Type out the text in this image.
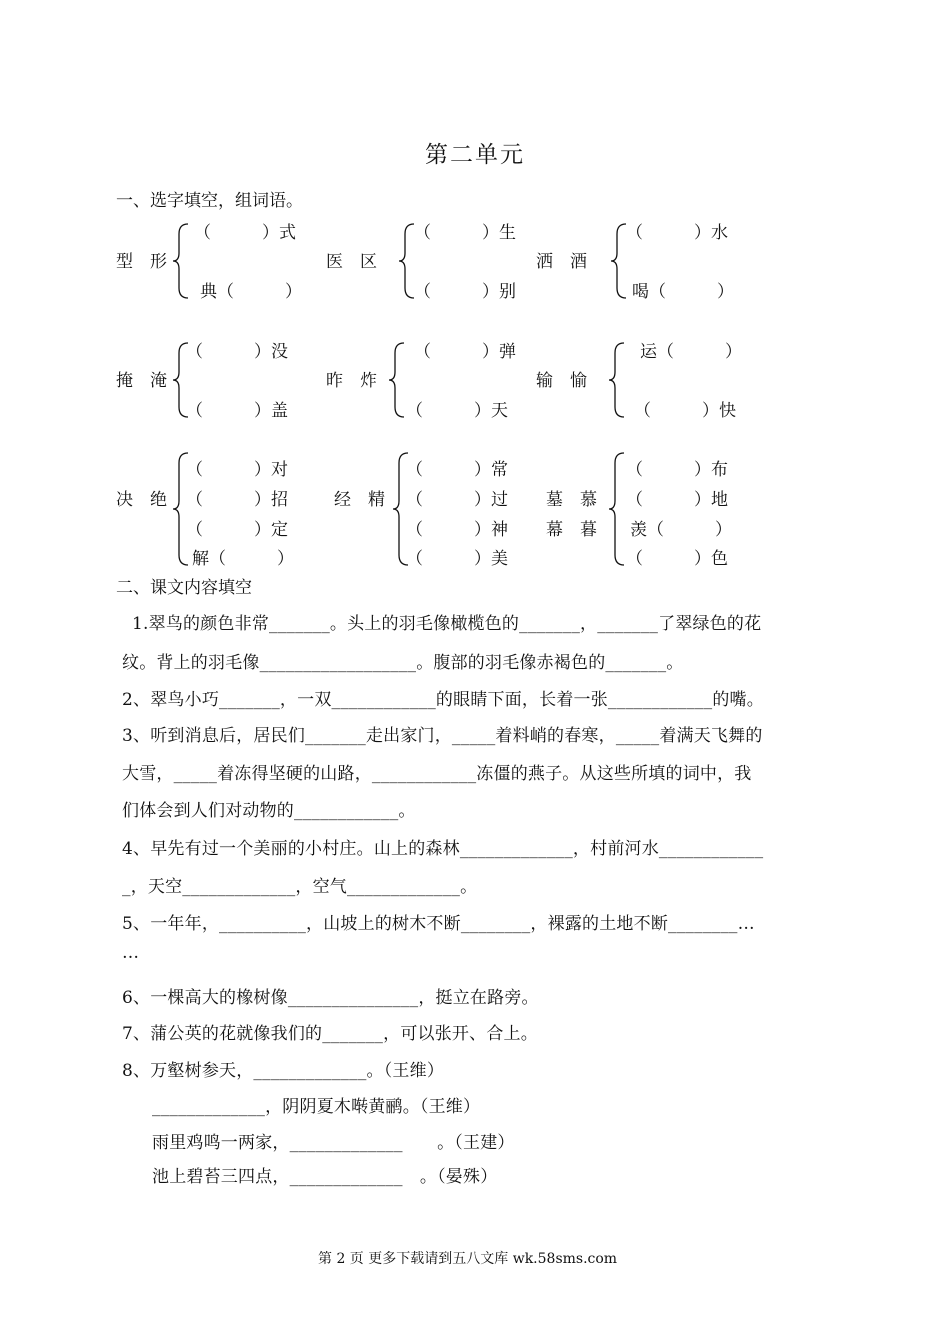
第二单元
一、选字填空，组词语。
型　形
（　　　）式
典（　　　）
医　区
（　　　）生
（　　　）别
洒　酒
（　　　）水
喝（　　　）
掩　淹
（　　　）没
（　　　）盖
昨　炸
（　　　）弹
（　　　）天
输　愉
运（　　　）
（　　　）快
决　绝
（　　　）对
（　　　）招
（　　　）定
解（　　　）
经　精
（　　　）常
（　　　）过
（　　　）神
（　　　）美
墓　慕
幕　暮
（　　　）布
（　　　）地
羡（　　　）
（　　　）色
二、课文内容填空
1.翠鸟的颜色非常_______。头上的羽毛像橄榄色的_______，_______了翠绿色的花
纹。背上的羽毛像__________________。腹部的羽毛像赤褐色的_______。
2、翠鸟小巧_______，一双____________的眼睛下面，长着一张____________的嘴。
3、听到消息后，居民们_______走出家门，_____着料峭的春寒，_____着满天飞舞的
大雪，_____着冻得坚硬的山路，____________冻僵的燕子。从这些所填的词中，我
们体会到人们对动物的____________。
4、早先有过一个美丽的小村庄。山上的森林_____________，村前河水____________
_，天空_____________，空气_____________。
5、一年年，__________，山坡上的树木不断________，裸露的土地不断________…
…
6、一棵高大的橡树像_______________，挺立在路旁。
7、蒲公英的花就像我们的_______，可以张开、合上。
8、万壑树参天，_____________。（王维）
_____________，阴阴夏木啭黄鹂。（王维）
雨里鸡鸣一两家，_____________　　。（王建）
池上碧苔三四点，_____________　。（晏殊）
第 2 页 更多下载请到五八文库 wk.58sms.com
